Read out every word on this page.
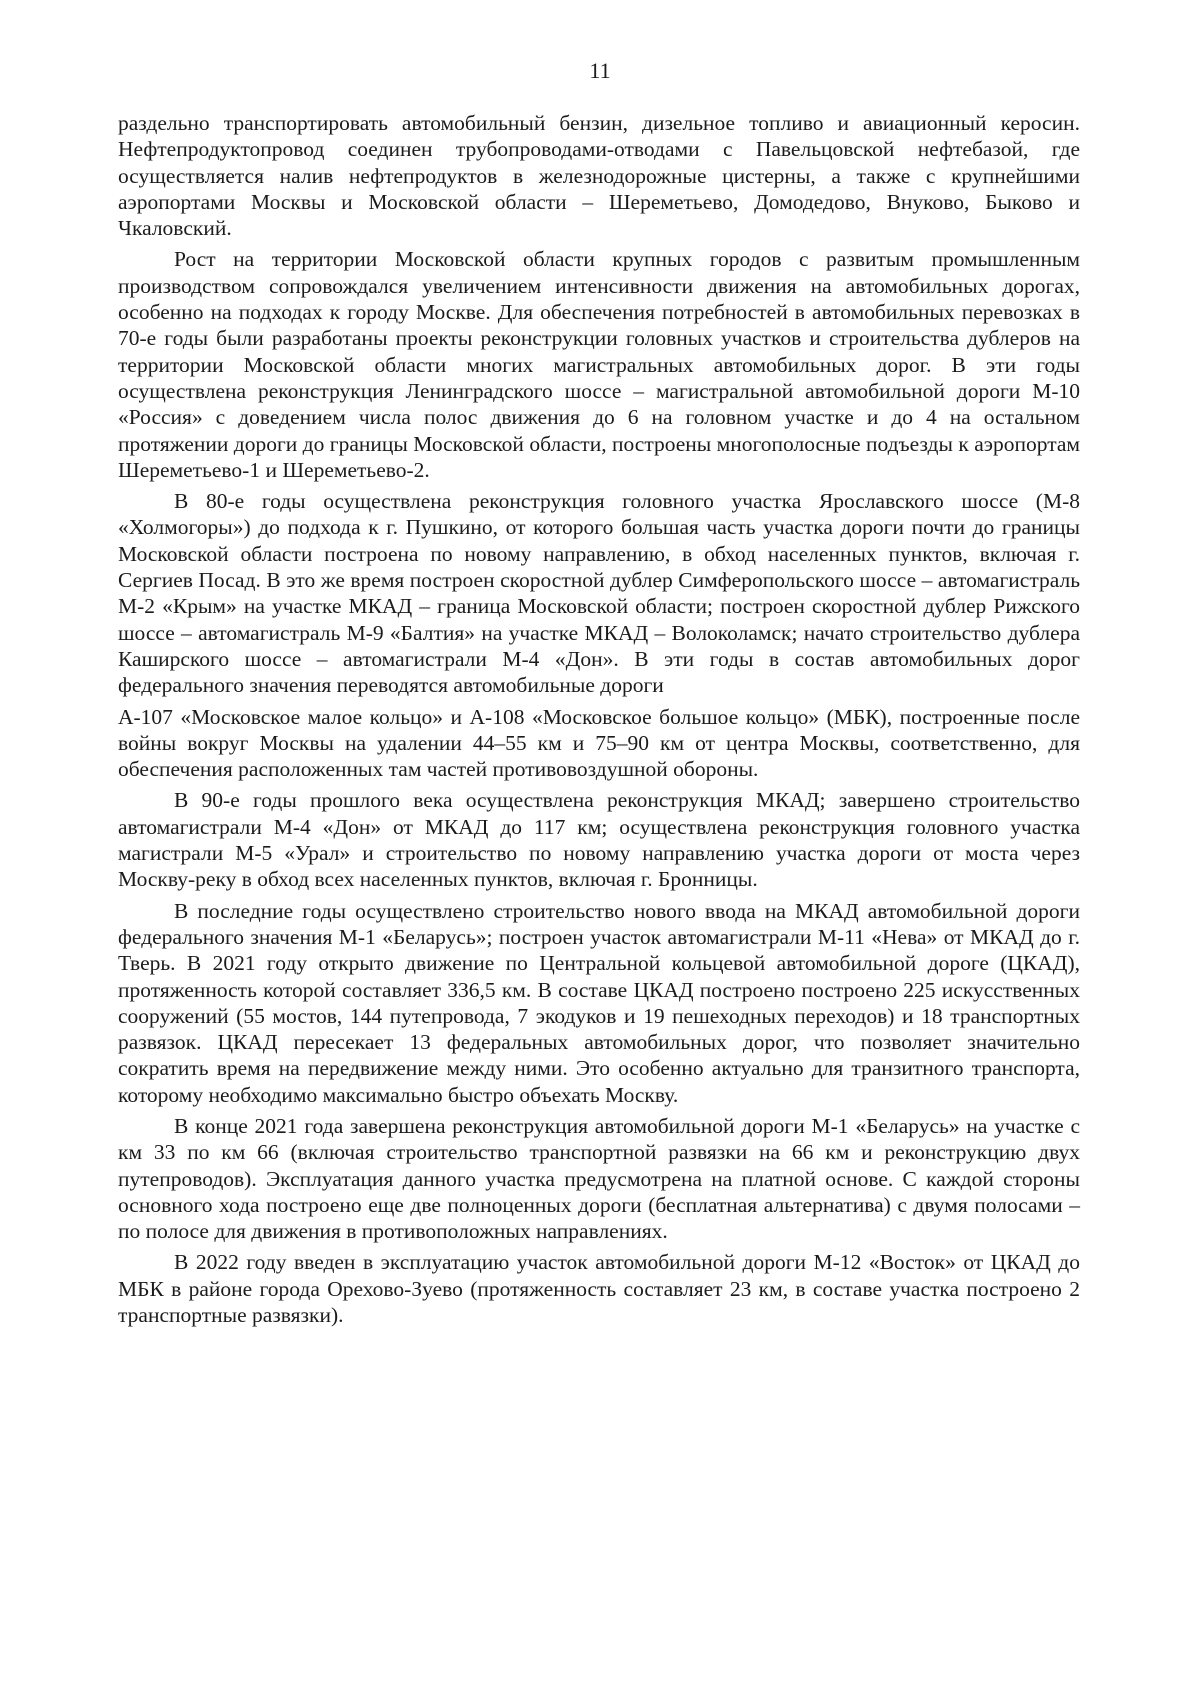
11

раздельно транспортировать автомобильный бензин, дизельное топливо и авиационный керосин. Нефтепродуктопровод соединен трубопроводами-отводами с Павельцовской нефтебазой, где осуществляется налив нефтепродуктов в железнодорожные цистерны, а также с крупнейшими аэропортами Москвы и Московской области – Шереметьево, Домодедово, Внуково, Быково и Чкаловский.

Рост на территории Московской области крупных городов с развитым промышленным производством сопровождался увеличением интенсивности движения на автомобильных дорогах, особенно на подходах к городу Москве. Для обеспечения потребностей в автомобильных перевозках в 70-е годы были разработаны проекты реконструкции головных участков и строительства дублеров на территории Московской области многих магистральных автомобильных дорог. В эти годы осуществлена реконструкция Ленинградского шоссе – магистральной автомобильной дороги М-10 «Россия» с доведением числа полос движения до 6 на головном участке и до 4 на остальном протяжении дороги до границы Московской области, построены многополосные подъезды к аэропортам Шереметьево-1 и Шереметьево-2.

В 80-е годы осуществлена реконструкция головного участка Ярославского шоссе (М-8 «Холмогоры») до подхода к г. Пушкино, от которого большая часть участка дороги почти до границы Московской области построена по новому направлению, в обход населенных пунктов, включая г. Сергиев Посад. В это же время построен скоростной дублер Симферопольского шоссе – автомагистраль М-2 «Крым» на участке МКАД – граница Московской области; построен скоростной дублер Рижского шоссе – автомагистраль М-9 «Балтия» на участке МКАД – Волоколамск; начато строительство дублера Каширского шоссе – автомагистрали М-4 «Дон». В эти годы в состав автомобильных дорог федерального значения переводятся автомобильные дороги

А-107 «Московское малое кольцо» и А-108 «Московское большое кольцо» (МБК), построенные после войны вокруг Москвы на удалении 44–55 км и 75–90 км от центра Москвы, соответственно, для обеспечения расположенных там частей противовоздушной обороны.

В 90-е годы прошлого века осуществлена реконструкция МКАД; завершено строительство автомагистрали М-4 «Дон» от МКАД до 117 км; осуществлена реконструкция головного участка магистрали М-5 «Урал» и строительство по новому направлению участка дороги от моста через Москву-реку в обход всех населенных пунктов, включая г. Бронницы.

В последние годы осуществлено строительство нового ввода на МКАД автомобильной дороги федерального значения М-1 «Беларусь»; построен участок автомагистрали М-11 «Нева» от МКАД до г. Тверь. В 2021 году открыто движение по Центральной кольцевой автомобильной дороге (ЦКАД), протяженность которой составляет 336,5 км. В составе ЦКАД построено построено 225 искусственных сооружений (55 мостов, 144 путепровода, 7 экодуков и 19 пешеходных переходов) и 18 транспортных развязок. ЦКАД пересекает 13 федеральных автомобильных дорог, что позволяет значительно сократить время на передвижение между ними. Это особенно актуально для транзитного транспорта, которому необходимо максимально быстро объехать Москву.

В конце 2021 года завершена реконструкция автомобильной дороги М-1 «Беларусь» на участке с км 33 по км 66 (включая строительство транспортной развязки на 66 км и реконструкцию двух путепроводов). Эксплуатация данного участка предусмотрена на платной основе. С каждой стороны основного хода построено еще две полноценных дороги (бесплатная альтернатива) с двумя полосами – по полосе для движения в противоположных направлениях.

В 2022 году введен в эксплуатацию участок автомобильной дороги М-12 «Восток» от ЦКАД до МБК в районе города Орехово-Зуево (протяженность составляет 23 км, в составе участка построено 2 транспортные развязки).
